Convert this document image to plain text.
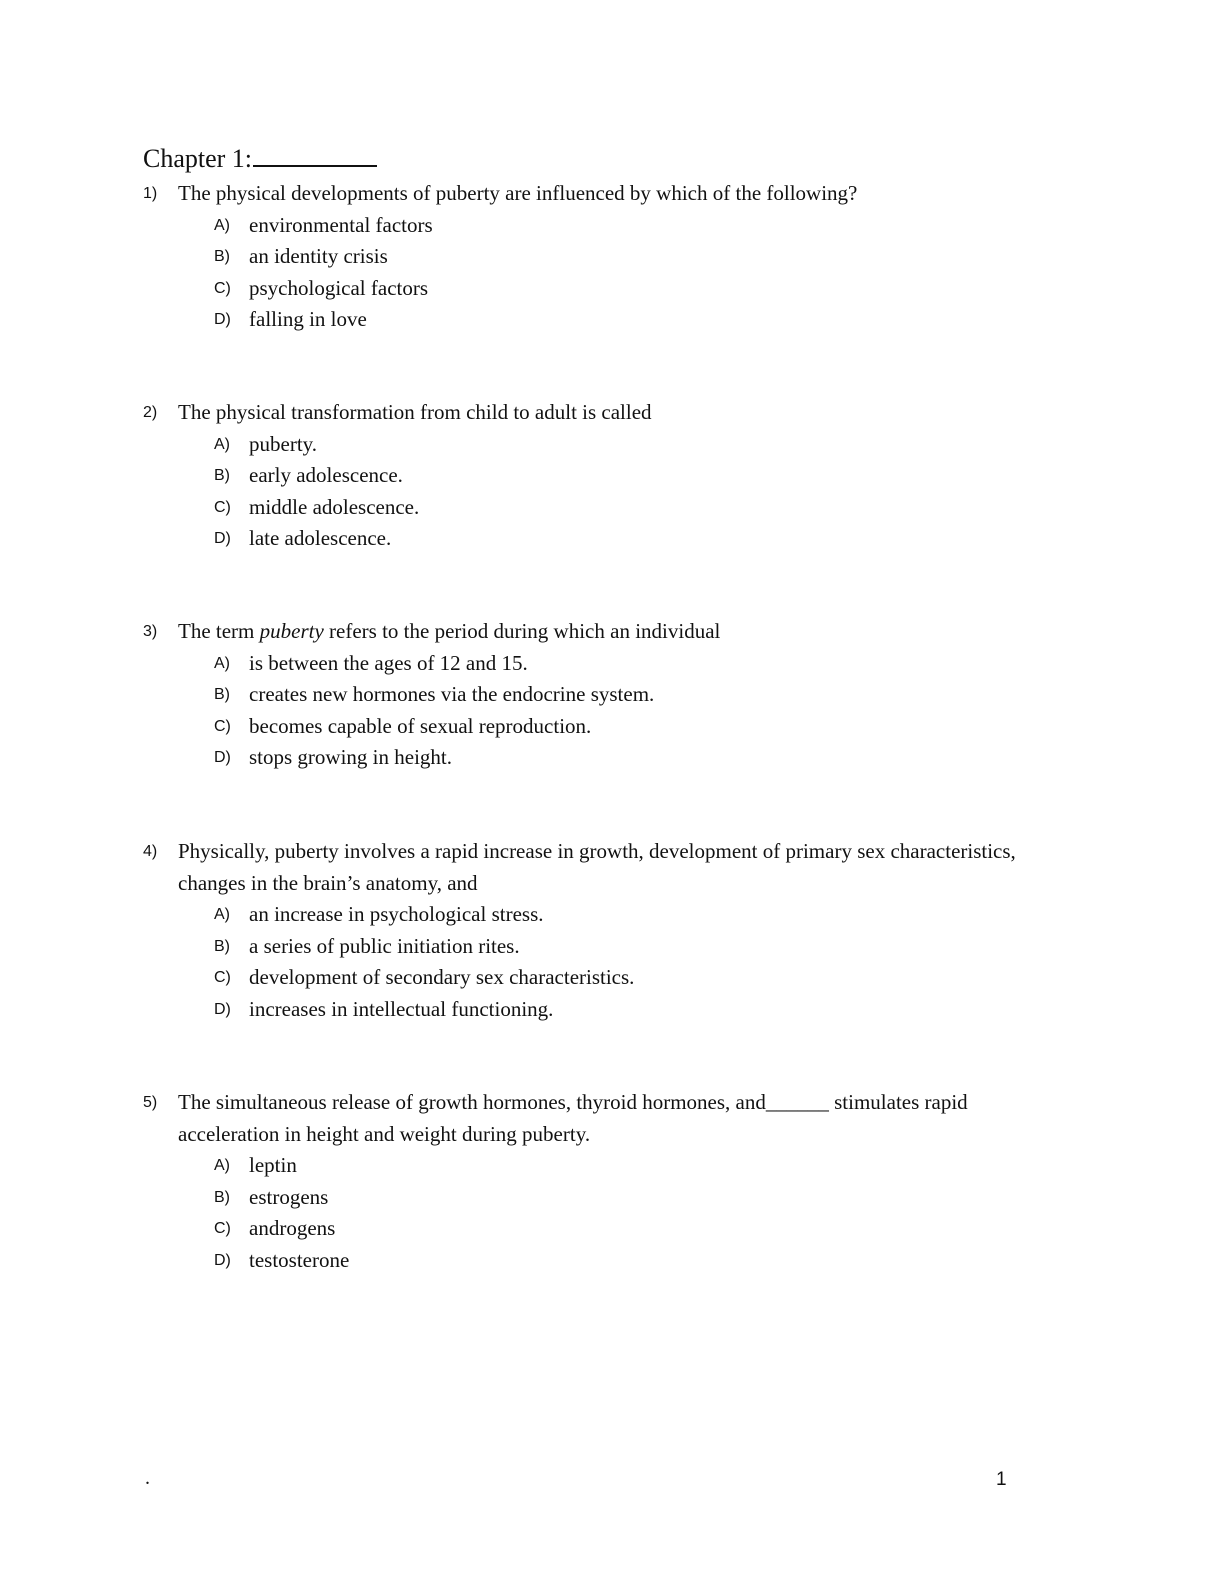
Chapter 1:
1) The physical developments of puberty are influenced by which of the following?
A) environmental factors
B) an identity crisis
C) psychological factors
D) falling in love
2) The physical transformation from child to adult is called
A) puberty.
B) early adolescence.
C) middle adolescence.
D) late adolescence.
3) The term puberty refers to the period during which an individual
A) is between the ages of 12 and 15.
B) creates new hormones via the endocrine system.
C) becomes capable of sexual reproduction.
D) stops growing in height.
4) Physically, puberty involves a rapid increase in growth, development of primary sex characteristics, changes in the brain’s anatomy, and
A) an increase in psychological stress.
B) a series of public initiation rites.
C) development of secondary sex characteristics.
D) increases in intellectual functioning.
5) The simultaneous release of growth hormones, thyroid hormones, and______ stimulates rapid acceleration in height and weight during puberty.
A) leptin
B) estrogens
C) androgens
D) testosterone
.	1
